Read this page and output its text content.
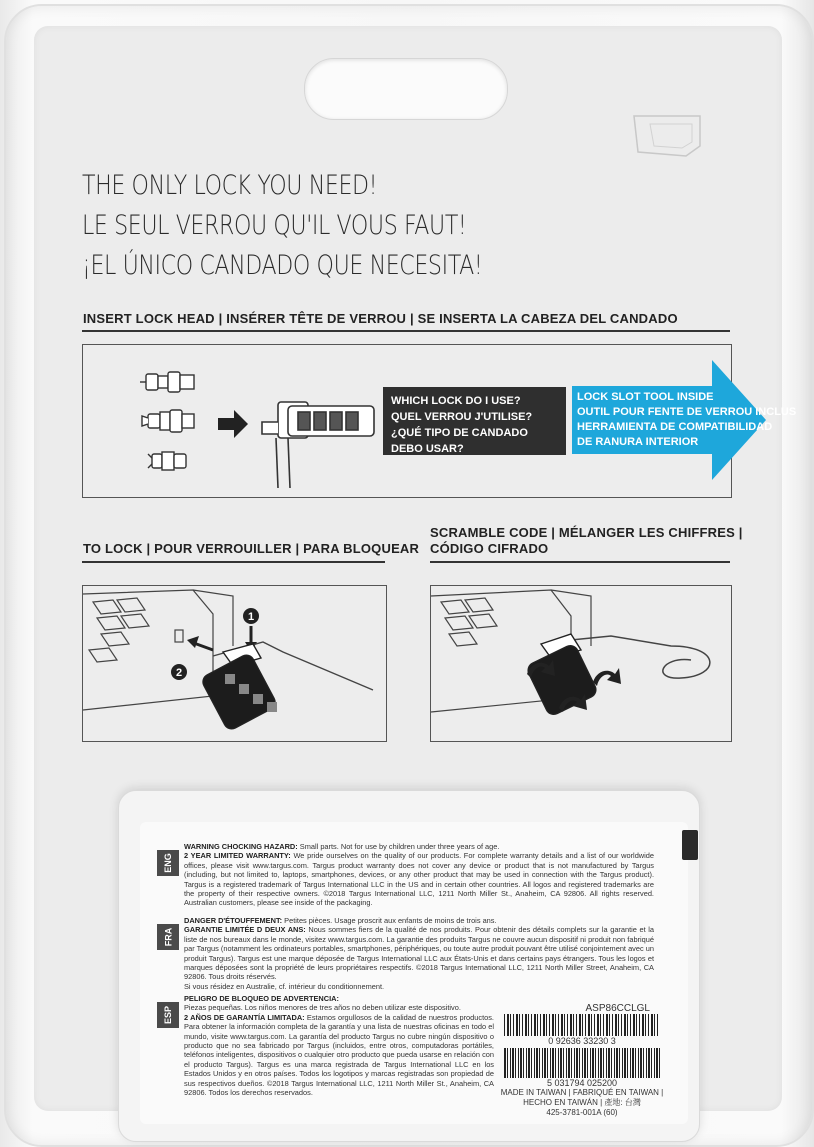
THE ONLY LOCK YOU NEED!
LE SEUL VERROU QU'IL VOUS FAUT!
¡EL ÚNICO CANDADO QUE NECESITA!
INSERT LOCK HEAD | INSÉRER TÊTE DE VERROU | SE INSERTA LA CABEZA DEL CANDADO
WHICH LOCK DO I USE?
QUEL VERROU J'UTILISE?
¿QUÉ TIPO DE CANDADO DEBO USAR?
LOCK SLOT TOOL INSIDE
OUTIL POUR FENTE DE VERROU INCLUS
HERRAMIENTA DE COMPATIBILIDAD
DE RANURA INTERIOR
TO LOCK | POUR VERROUILLER | PARA BLOQUEAR
2
1
SCRAMBLE CODE | MÉLANGER LES CHIFFRES |
CÓDIGO CIFRADO
ENG
FRA
ESP
WARNING CHOCKING HAZARD: Small parts. Not for use by children under three years of age.
2 YEAR LIMITED WARRANTY: We pride ourselves on the quality of our products. For complete warranty details and a list of our worldwide offices, please visit www.targus.com. Targus product warranty does not cover any device or product that is not manufactured by Targus (including, but not limited to, laptops, smartphones, devices, or any other product that may be used in connection with the Targus product). Targus is a registered trademark of Targus International LLC in the US and in certain other countries. All logos and registered trademarks are the property of their respective owners. ©2018 Targus International LLC, 1211 North Miller St., Anaheim, CA 92806. All rights reserved. Australian customers, please see inside of the packaging.
DANGER D'ÉTOUFFEMENT: Petites pièces. Usage proscrit aux enfants de moins de trois ans.
GARANTIE LIMITÉE D DEUX ANS: Nous sommes fiers de la qualité de nos produits. Pour obtenir des détails complets sur la garantie et la liste de nos bureaux dans le monde, visitez www.targus.com. La garantie des produits Targus ne couvre aucun dispositif ni produit non fabriqué par Targus (notamment les ordinateurs portables, smartphones, périphériques, ou toute autre produit pouvant être utilisé conjointement avec un produit Targus). Targus est une marque déposée de Targus International LLC aux États-Unis et dans certains pays étrangers. Tous les logos et marques déposées sont la propriété de leurs propriétaires respectifs. ©2018 Targus International LLC, 1211 North Miller Street, Anaheim, CA 92806. Tous droits réservés.
Si vous résidez en Australie, cf. intérieur du conditionnement.
PELIGRO DE BLOQUEO DE ADVERTENCIA:
Piezas pequeñas. Los niños menores de tres años no deben utilizar este dispositivo.
2 AÑOS DE GARANTÍA LIMITADA: Estamos orgullosos de la calidad de nuestros productos. Para obtener la información completa de la garantía y una lista de nuestras oficinas en todo el mundo, visite www.targus.com. La garantía del producto Targus no cubre ningún dispositivo o producto que no sea fabricado por Targus (incluidos, entre otros, computadoras portátiles, teléfonos inteligentes, dispositivos o cualquier otro producto que pueda usarse en relación con el producto Targus). Targus es una marca registrada de Targus International LLC en los Estados Unidos y en otros países. Todos los logotipos y marcas registradas son propiedad de sus respectivos dueños. ©2018 Targus International LLC, 1211 North Miller St., Anaheim, CA 92806. Todos los derechos reservados.
ASP86CCLGL
0 92636 33230 3
5 031794 025200
MADE IN TAIWAN | FABRIQUÉ EN TAIWAN |
HECHO EN TAIWÁN | 產地: 台灣
425-3781-001A (60)
